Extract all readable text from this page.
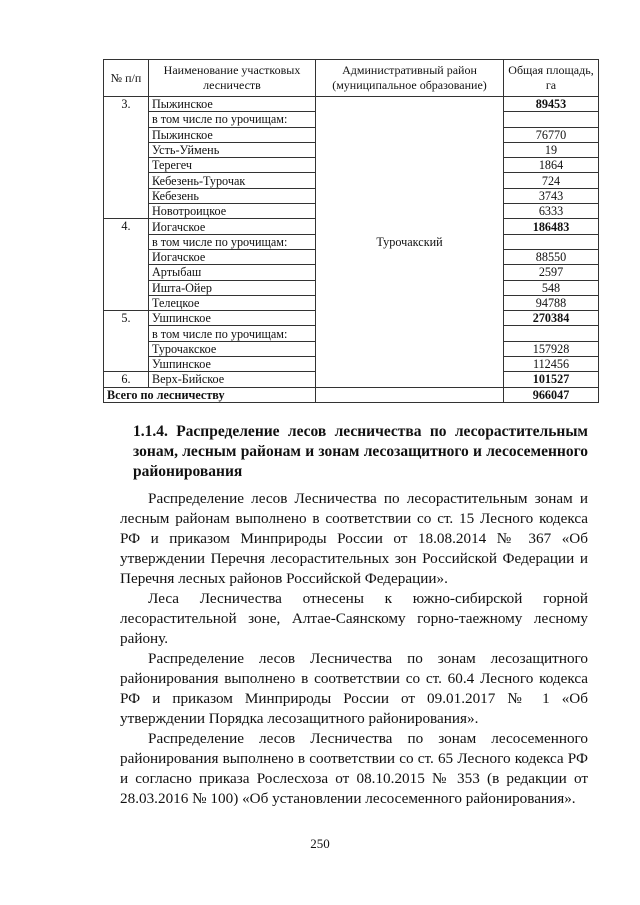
№ п/п	Наименование участковых лесничеств	Административный район (муниципальное образование)	Общая площадь, га
3.	Пыжинское	Турочакский	89453
	в том числе по урочищам:		
	Пыжинское		76770
	Усть-Уймень		19
	Терегеч		1864
	Кебезень-Турочак		724
	Кебезень		3743
	Новотроицкое		6333
4.	Иогачское		186483
	в том числе по урочищам:		
	Иогачское		88550
	Артыбаш		2597
	Ишта-Ойер		548
	Телецкое		94788
5.	Ушпинское		270384
	в том числе по урочищам:		
	Турочакское		157928
	Ушпинское		112456
6.	Верх-Бийское		101527
Всего по лесничеству			966047
1.1.4. Распределение лесов лесничества по лесорастительным зонам, лесным районам и зонам лесозащитного и лесосеменного районирования

Распределение лесов Лесничества по лесорастительным зонам и лесным районам выполнено в соответствии со ст. 15 Лесного кодекса РФ и приказом Минприроды России от 18.08.2014 № 367 «Об утверждении Перечня лесорастительных зон Российской Федерации и Перечня лесных районов Российской Федерации».

Леса Лесничества отнесены к южно-сибирской горной лесорастительной зоне, Алтае-Саянскому горно-таежному лесному району.

Распределение лесов Лесничества по зонам лесозащитного районирования выполнено в соответствии со ст. 60.4 Лесного кодекса РФ и приказом Минприроды России от 09.01.2017 № 1 «Об утверждении Порядка лесозащитного районирования».

Распределение лесов Лесничества по зонам лесосеменного районирования выполнено в соответствии со ст. 65 Лесного кодекса РФ и согласно приказа Рослесхоза от 08.10.2015 № 353 (в редакции от 28.03.2016 № 100) «Об установлении лесосеменного районирования».

250
